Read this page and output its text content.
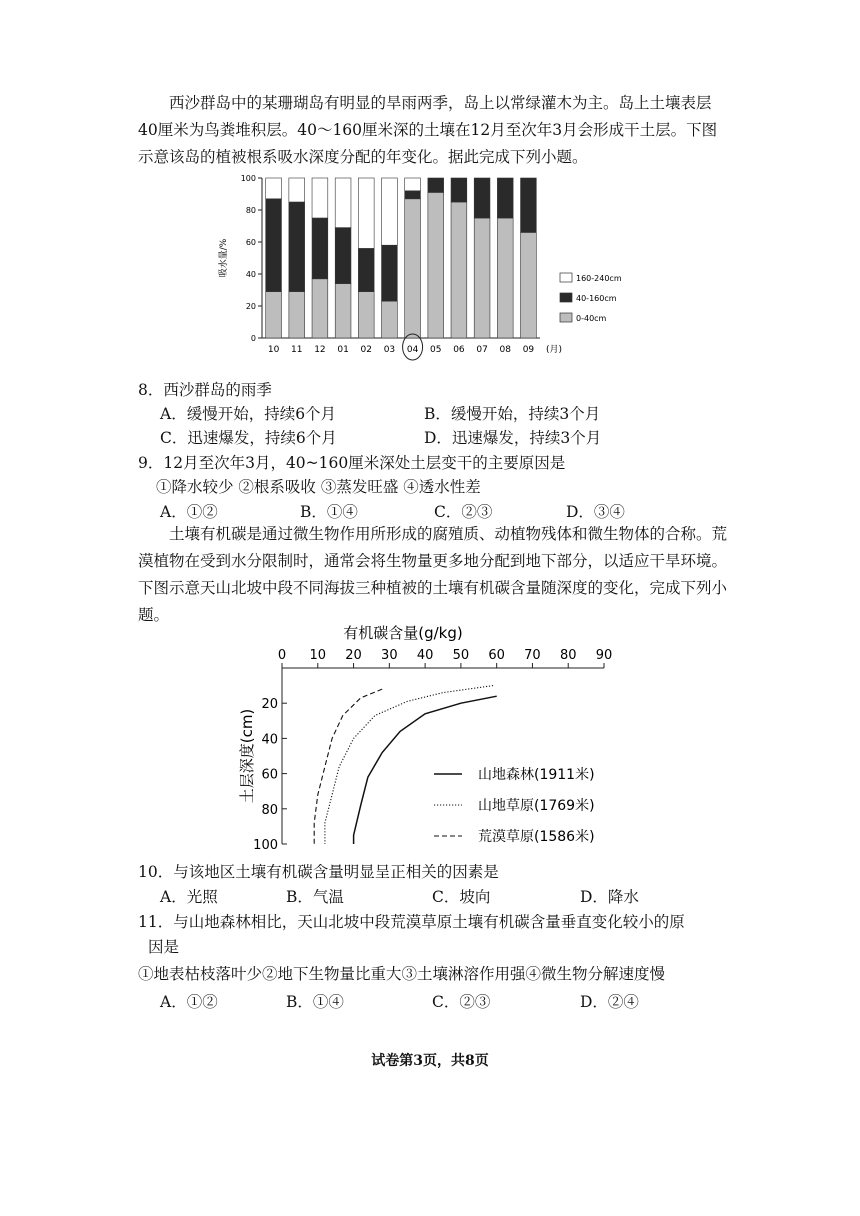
西沙群岛中的某珊瑚岛有明显的旱雨两季，岛上以常绿灌木为主。岛上土壤表层40厘米为鸟粪堆积层。40～160厘米深的土壤在12月至次年3月会形成干土层。下图示意该岛的植被根系吸水深度分配的年变化。据此完成下列小题。

0
20
40
60
80
100
吸水量/%
10 11 12 01 02 03 04 05 06 07 08 09 (月)
160-240cm
40-160cm
0-40cm
8．西沙群岛的雨季
A．缓慢开始，持续6个月	B．缓慢开始，持续3个月
C．迅速爆发，持续6个月	D．迅速爆发，持续3个月
9．12月至次年3月，40~160厘米深处土层变干的主要原因是
①降水较少 ②根系吸收 ③蒸发旺盛 ④透水性差
A．①②	B．①④	C．②③	D．③④

土壤有机碳是通过微生物作用所形成的腐殖质、动植物残体和微生物体的合称。荒漠植物在受到水分限制时，通常会将生物量更多地分配到地下部分，以适应干旱环境。下图示意天山北坡中段不同海拔三种植被的土壤有机碳含量随深度的变化，完成下列小题。

有机碳含量(g/kg)
0 10 20 30 40 50 60 70 80 90
20
40
60
80
100
土层深度(cm)	山地森林(1911米)
山地草原(1769米)
荒漠草原(1586米)
10．与该地区土壤有机碳含量明显呈正相关的因素是
A．光照	B．气温	C．坡向	D．降水
11．与山地森林相比，天山北坡中段荒漠草原土壤有机碳含量垂直变化较小的原
因是
①地表枯枝落叶少②地下生物量比重大③土壤淋溶作用强④微生物分解速度慢
A．①②	B．①④	C．②③	D．②④
试卷第3页，共8页
